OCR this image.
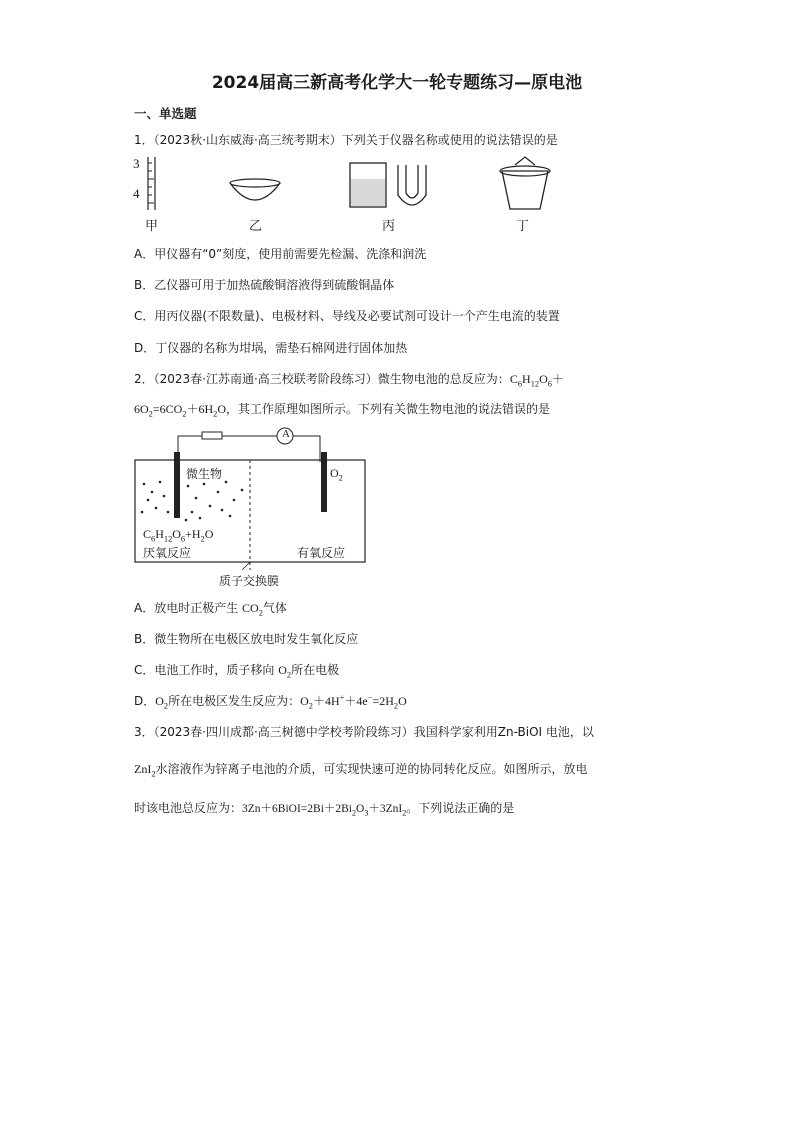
2024届高三新高考化学大一轮专题练习—原电池
一、单选题
1．（2023秋·山东威海·高三统考期末）下列关于仪器名称或使用的说法错误的是
3
4
甲	乙	丙	丁
A．甲仪器有“0”刻度，使用前需要先检漏、洗涤和润洗
B．乙仪器可用于加热硫酸铜溶液得到硫酸铜晶体
C．用丙仪器(不限数量)、电极材料、导线及必要试剂可设计一个产生电流的装置
D．丁仪器的名称为坩埚，需垫石棉网进行固体加热
2．（2023春·江苏南通·高三校联考阶段练习）微生物电池的总反应为：$C_6H_{12}O_6+$
$6O_2=6CO_2+6H_2O$，其工作原理如图所示。下列有关微生物电池的说法错误的是
A
微生物	$O_2$
$C_6H_{12}O_6+H_2O$
厌氧反应	有氧反应
质子交换膜
A．放电时正极产生 $CO_2$气体
B．微生物所在电极区放电时发生氧化反应
C．电池工作时，质子移向 $O_2$所在电极
D．$O_2$所在电极区发生反应为：$O_2+4H^++4e^-=2H_2O$
3．（2023春·四川成都·高三树德中学校考阶段练习）我国科学家利用Zn-BiOI 电池，以
ZnI$_2$水溶液作为锌离子电池的介质，可实现快速可逆的协同转化反应。如图所示，放电
时该电池总反应为：$3Zn+6BiOI=2Bi+2Bi_2O_3+3ZnI_2$。下列说法正确的是
